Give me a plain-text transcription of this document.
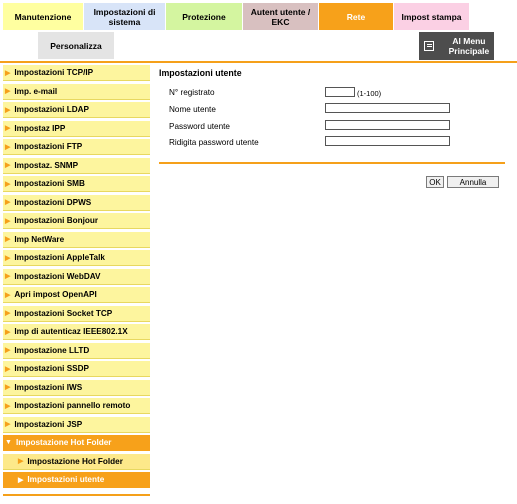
Manutenzione	Impostazioni di sistema	Protezione	Autent utente / EKC	Rete	Impost stampa
Personalizza	Al Menu Principale
▶ Impostazioni TCP/IP
▶ Imp. e-mail
▶ Impostazioni LDAP
▶ Impostaz IPP
▶ Impostazioni FTP
▶ Impostaz. SNMP
▶ Impostazioni SMB
▶ Impostazioni DPWS
▶ Impostazioni Bonjour
▶ Imp NetWare
▶ Impostazioni AppleTalk
▶ Impostazioni WebDAV
▶ Apri impost OpenAPI
▶ Impostazioni Socket TCP
▶ Imp di autenticaz IEEE802.1X
▶ Impostazione LLTD
▶ Impostazioni SSDP
▶ Impostazioni IWS
▶ Impostazioni pannello remoto
▶ Impostazioni JSP
▼ Impostazione Hot Folder
▶ Impostazione Hot Folder
▶ Impostazioni utente
Impostazioni utente
N° registrato	(1-100)
Nome utente
Password utente
Ridigita password utente
OK	Annulla
